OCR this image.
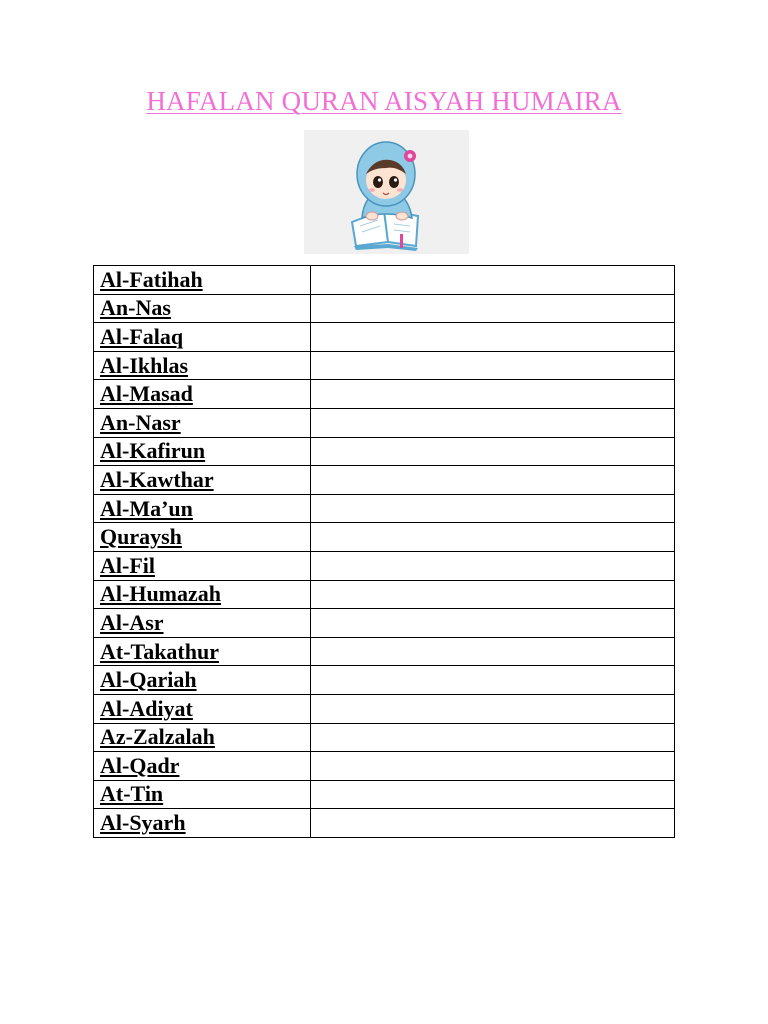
HAFALAN QURAN AISYAH HUMAIRA
Al-Fatihah	
An-Nas	
Al-Falaq	
Al-Ikhlas	
Al-Masad	
An-Nasr	
Al-Kafirun	
Al-Kawthar	
Al-Ma’un	
Quraysh	
Al-Fil	
Al-Humazah	
Al-Asr	
At-Takathur	
Al-Qariah	
Al-Adiyat	
Az-Zalzalah	
Al-Qadr	
At-Tin	
Al-Syarh	
